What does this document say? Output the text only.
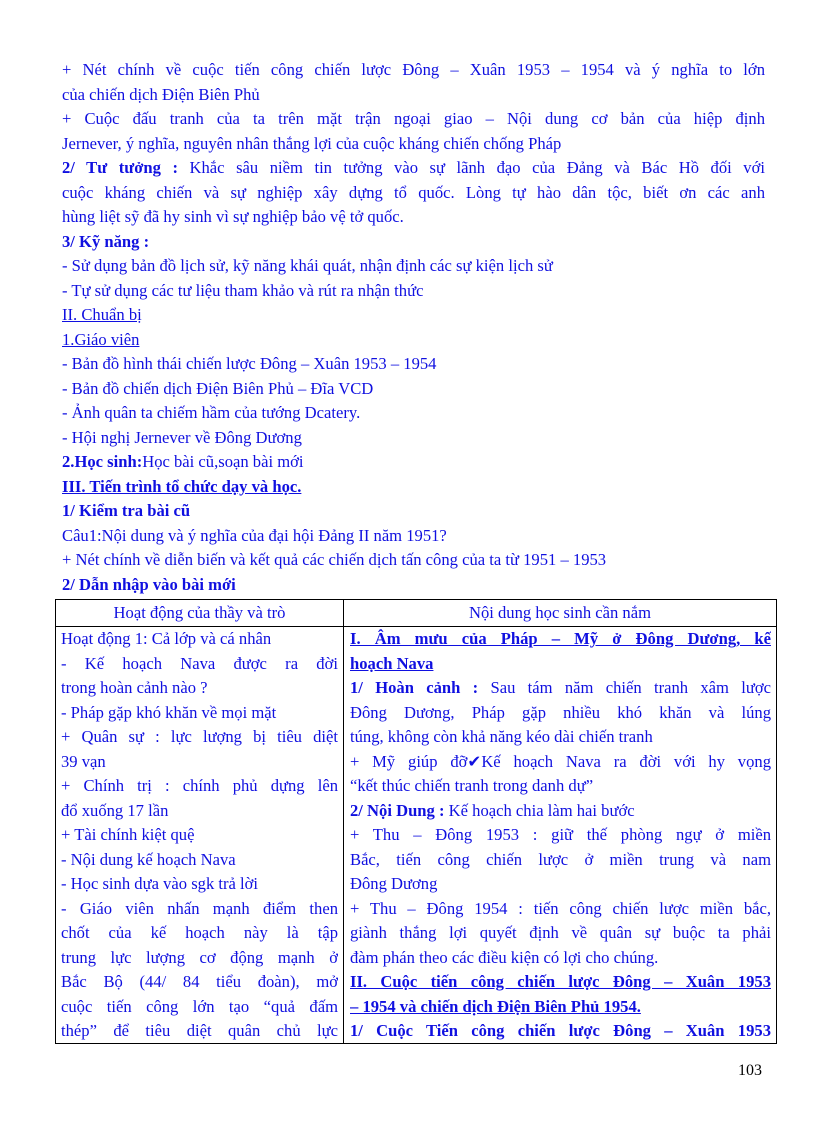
+ Nét chính về cuộc tiến công chiến lược Đông – Xuân 1953 – 1954 và ý nghĩa to lớn
của chiến dịch Điện Biên Phủ
+ Cuộc đấu tranh của ta trên mặt trận ngoại giao – Nội dung cơ bản của hiệp định
Jernever, ý nghĩa, nguyên nhân thắng lợi của cuộc kháng chiến chống Pháp
2/ Tư tưởng : Khắc sâu niềm tin tưởng vào sự lãnh đạo của Đảng và Bác Hồ đối với
cuộc kháng chiến và sự nghiệp xây dựng tổ quốc. Lòng tự hào dân tộc, biết ơn các anh
hùng liệt sỹ đã hy sinh vì sự nghiệp bảo vệ tở quốc.
3/ Kỹ năng :
- Sử dụng bản đồ lịch sử, kỹ năng khái quát, nhận định các sự kiện lịch sử
- Tự sử dụng các tư liệu tham khảo và rút ra nhận thức
II. Chuẩn bị
1.Giáo viên
- Bản đồ hình thái chiến lược Đông – Xuân 1953 – 1954
- Bản đồ chiến dịch Điện Biên Phủ – Đĩa VCD
- Ảnh quân ta chiếm hầm của tướng Dcatery.
- Hội nghị Jernever về Đông Dương
2.Học sinh:Học bài cũ,soạn bài mới
III. Tiến trình tổ chức dạy và học.
1/ Kiểm tra bài cũ
Câu1:Nội dung và ý nghĩa của đại hội Đảng II năm 1951?
+ Nét chính về diễn biến và kết quả các chiến dịch tấn công của ta từ 1951 – 1953
2/ Dẫn nhập vào bài mới
Hoạt động của thầy và trò	Nội dung học sinh cần nắm
Hoạt động 1: Cả lớp và cá nhân
- Kế hoạch Nava được ra đời
trong hoàn cảnh nào ?
- Pháp gặp khó khăn về mọi mặt
+ Quân sự : lực lượng bị tiêu diệt
39 vạn
+ Chính trị : chính phủ dựng lên
đổ xuống 17 lần
+ Tài chính kiệt quệ
- Nội dung kế hoạch Nava
- Học sinh dựa vào sgk trả lời
- Giáo viên nhấn mạnh điểm then
chốt của kế hoạch này là tập
trung lực lượng cơ động mạnh ở
Bắc Bộ (44/ 84 tiểu đoàn), mở
cuộc tiến công lớn tạo “quả đấm
thép” để tiêu diệt quân chủ lực
I. Âm mưu của Pháp – Mỹ ở Đông Dương, kế
hoạch Nava
1/ Hoàn cảnh : Sau tám năm chiến tranh xâm lược
Đông Dương, Pháp gặp nhiều khó khăn và lúng
túng, không còn khả năng kéo dài chiến tranh
+ Mỹ giúp đỡ✔Kế hoạch Nava ra đời với hy vọng
“kết thúc chiến tranh trong danh dự”
2/ Nội Dung : Kế hoạch chia làm hai bước
+ Thu – Đông 1953 : giữ thế phòng ngự ở miền
Bắc, tiến công chiến lược ở miền trung và nam
Đông Dương
+ Thu – Đông 1954 : tiến công chiến lược miền bắc,
giành thắng lợi quyết định về quân sự buộc ta phải
đàm phán theo các điều kiện có lợi cho chúng.
II. Cuộc tiến công chiến lược Đông – Xuân 1953
– 1954 và chiến dịch Điện Biên Phủ 1954.
1/ Cuộc Tiến công chiến lược Đông – Xuân 1953
103
